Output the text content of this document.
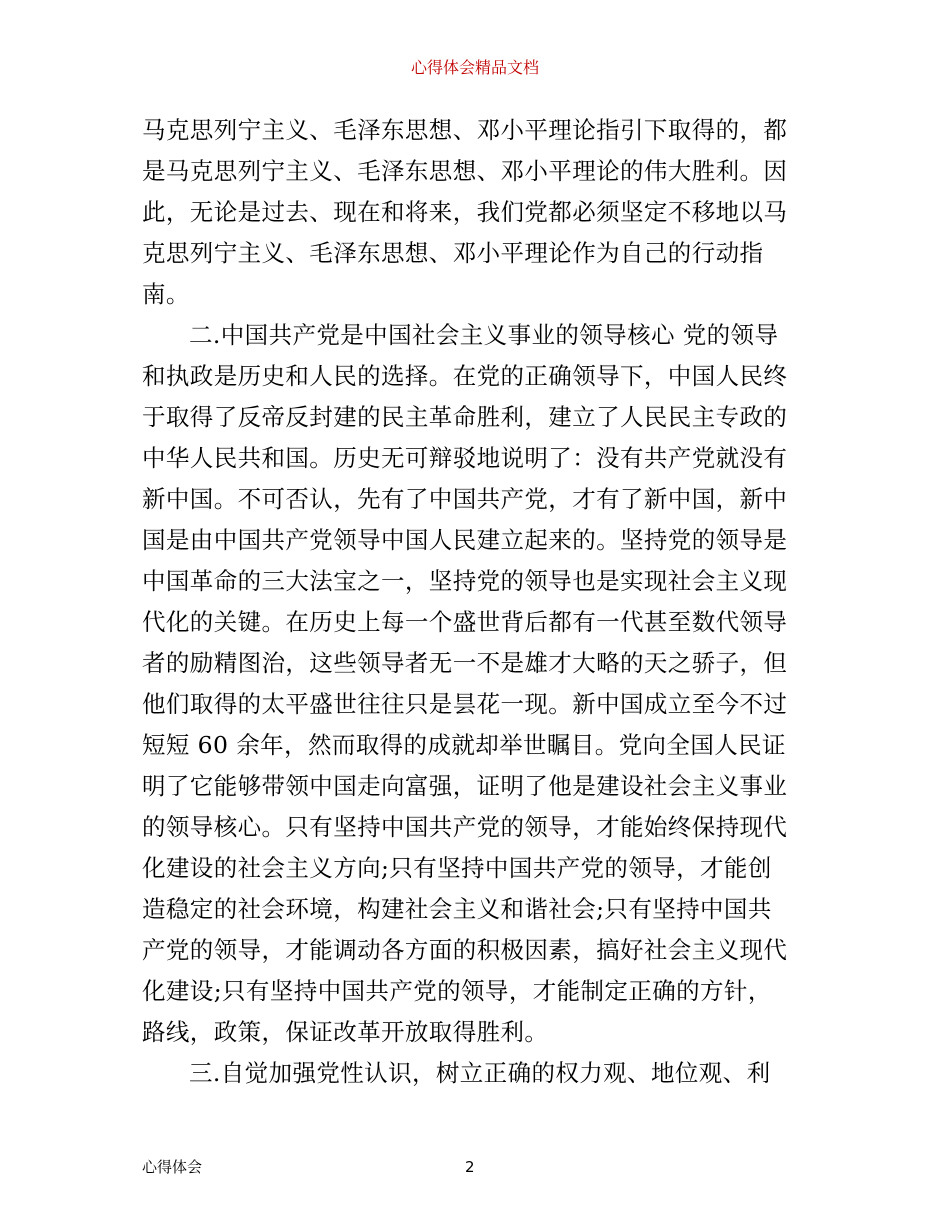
心得体会精品文档
马克思列宁主义、毛泽东思想、邓小平理论指引下取得的，都
是马克思列宁主义、毛泽东思想、邓小平理论的伟大胜利。因
此，无论是过去、现在和将来，我们党都必须坚定不移地以马
克思列宁主义、毛泽东思想、邓小平理论作为自己的行动指
南。
二.中国共产党是中国社会主义事业的领导核心 党的领导
和执政是历史和人民的选择。在党的正确领导下，中国人民终
于取得了反帝反封建的民主革命胜利，建立了人民民主专政的
中华人民共和国。历史无可辩驳地说明了：没有共产党就没有
新中国。不可否认，先有了中国共产党，才有了新中国，新中
国是由中国共产党领导中国人民建立起来的。坚持党的领导是
中国革命的三大法宝之一，坚持党的领导也是实现社会主义现
代化的关键。在历史上每一个盛世背后都有一代甚至数代领导
者的励精图治，这些领导者无一不是雄才大略的天之骄子，但
他们取得的太平盛世往往只是昙花一现。新中国成立至今不过
短短 60 余年，然而取得的成就却举世瞩目。党向全国人民证
明了它能够带领中国走向富强，证明了他是建设社会主义事业
的领导核心。只有坚持中国共产党的领导，才能始终保持现代
化建设的社会主义方向;只有坚持中国共产党的领导，才能创
造稳定的社会环境，构建社会主义和谐社会;只有坚持中国共
产党的领导，才能调动各方面的积极因素，搞好社会主义现代
化建设;只有坚持中国共产党的领导，才能制定正确的方针，
路线，政策，保证改革开放取得胜利。
三.自觉加强党性认识，树立正确的权力观、地位观、利
心得体会	2
